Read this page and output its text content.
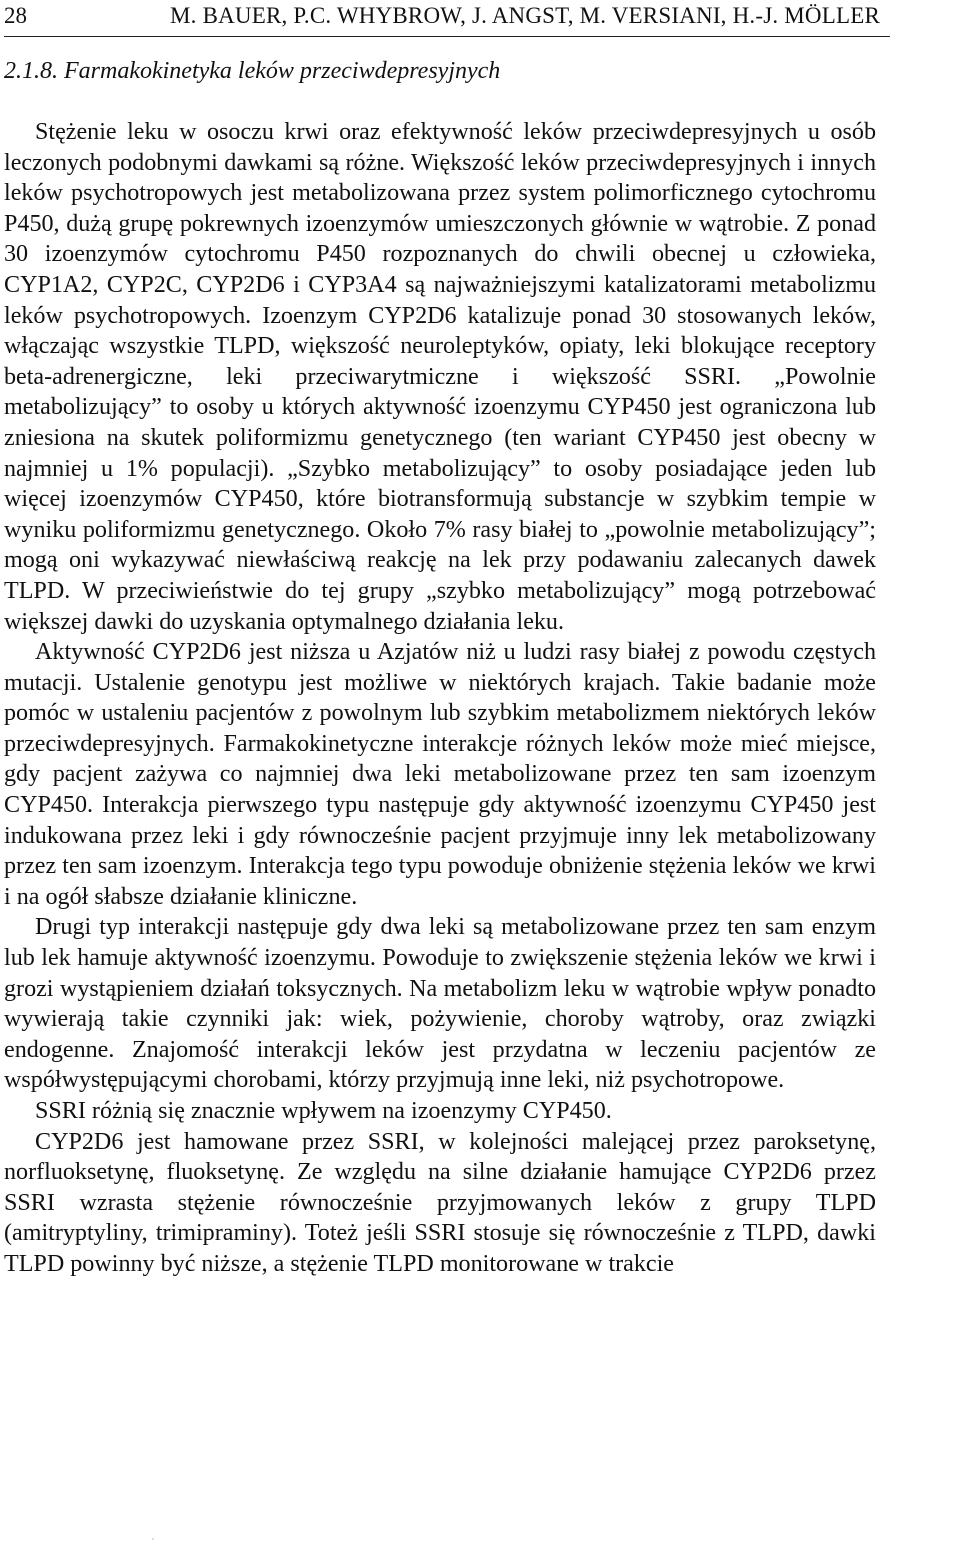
28	M. BAUER, P.C. WHYBROW, J. ANGST, M. VERSIANI, H.-J. MÖLLER
2.1.8. Farmakokinetyka leków przeciwdepresyjnych

Stężenie leku w osoczu krwi oraz efektywność leków przeciwdepresyjnych u osób leczonych podobnymi dawkami są różne. Większość leków przeciwdepresyjnych i innych leków psychotropowych jest metabolizowana przez system polimorficznego cytochromu P450, dużą grupę pokrewnych izoenzymów umieszczonych głównie w wątrobie. Z ponad 30 izoenzymów cytochromu P450 rozpoznanych do chwili obecnej u człowieka, CYP1A2, CYP2C, CYP2D6 i CYP3A4 są najważniejszymi katalizatorami metabolizmu leków psychotropowych. Izoenzym CYP2D6 katalizuje ponad 30 stosowanych leków, włączając wszystkie TLPD, większość neuroleptyków, opiaty, leki blokujące receptory beta-adrenergiczne, leki przeciwarytmiczne i większość SSRI. „Powolnie metabolizujący” to osoby u których aktywność izoenzymu CYP450 jest ograniczona lub zniesiona na skutek poliformizmu genetycznego (ten wariant CYP450 jest obecny w najmniej u 1% populacji). „Szybko metabolizujący” to osoby posiadające jeden lub więcej izoenzymów CYP450, które biotransformują substancje w szybkim tempie w wyniku poliformizmu genetycznego. Około 7% rasy białej to „powolnie metabolizujący”; mogą oni wykazywać niewłaściwą reakcję na lek przy podawaniu zalecanych dawek TLPD. W przeciwieństwie do tej grupy „szybko metabolizujący” mogą potrzebować większej dawki do uzyskania optymalnego działania leku.

Aktywność CYP2D6 jest niższa u Azjatów niż u ludzi rasy białej z powodu częstych mutacji. Ustalenie genotypu jest możliwe w niektórych krajach. Takie badanie może pomóc w ustaleniu pacjentów z powolnym lub szybkim metabolizmem niektórych leków przeciwdepresyjnych. Farmakokinetyczne interakcje różnych leków może mieć miejsce, gdy pacjent zażywa co najmniej dwa leki metabolizowane przez ten sam izoenzym CYP450. Interakcja pierwszego typu następuje gdy aktywność izoenzymu CYP450 jest indukowana przez leki i gdy równocześnie pacjent przyjmuje inny lek metabolizowany przez ten sam izoenzym. Interakcja tego typu powoduje obniżenie stężenia leków we krwi i na ogół słabsze działanie kliniczne.

Drugi typ interakcji następuje gdy dwa leki są metabolizowane przez ten sam enzym lub lek hamuje aktywność izoenzymu. Powoduje to zwiększenie stężenia leków we krwi i grozi wystąpieniem działań toksycznych. Na metabolizm leku w wątrobie wpływ ponadto wywierają takie czynniki jak: wiek, pożywienie, choroby wątroby, oraz związki endogenne. Znajomość interakcji leków jest przydatna w leczeniu pacjentów ze współwystępującymi chorobami, którzy przyjmują inne leki, niż psychotropowe.

SSRI różnią się znacznie wpływem na izoenzymy CYP450.

CYP2D6 jest hamowane przez SSRI, w kolejności malejącej przez paroksetynę, norfluoksetynę, fluoksetynę. Ze względu na silne działanie hamujące CYP2D6 przez SSRI wzrasta stężenie równocześnie przyjmowanych leków z grupy TLPD (amitryptyliny, trimipraminy). Toteż jeśli SSRI stosuje się równocześnie z TLPD, dawki TLPD powinny być niższe, a stężenie TLPD monitorowane w trakcie
